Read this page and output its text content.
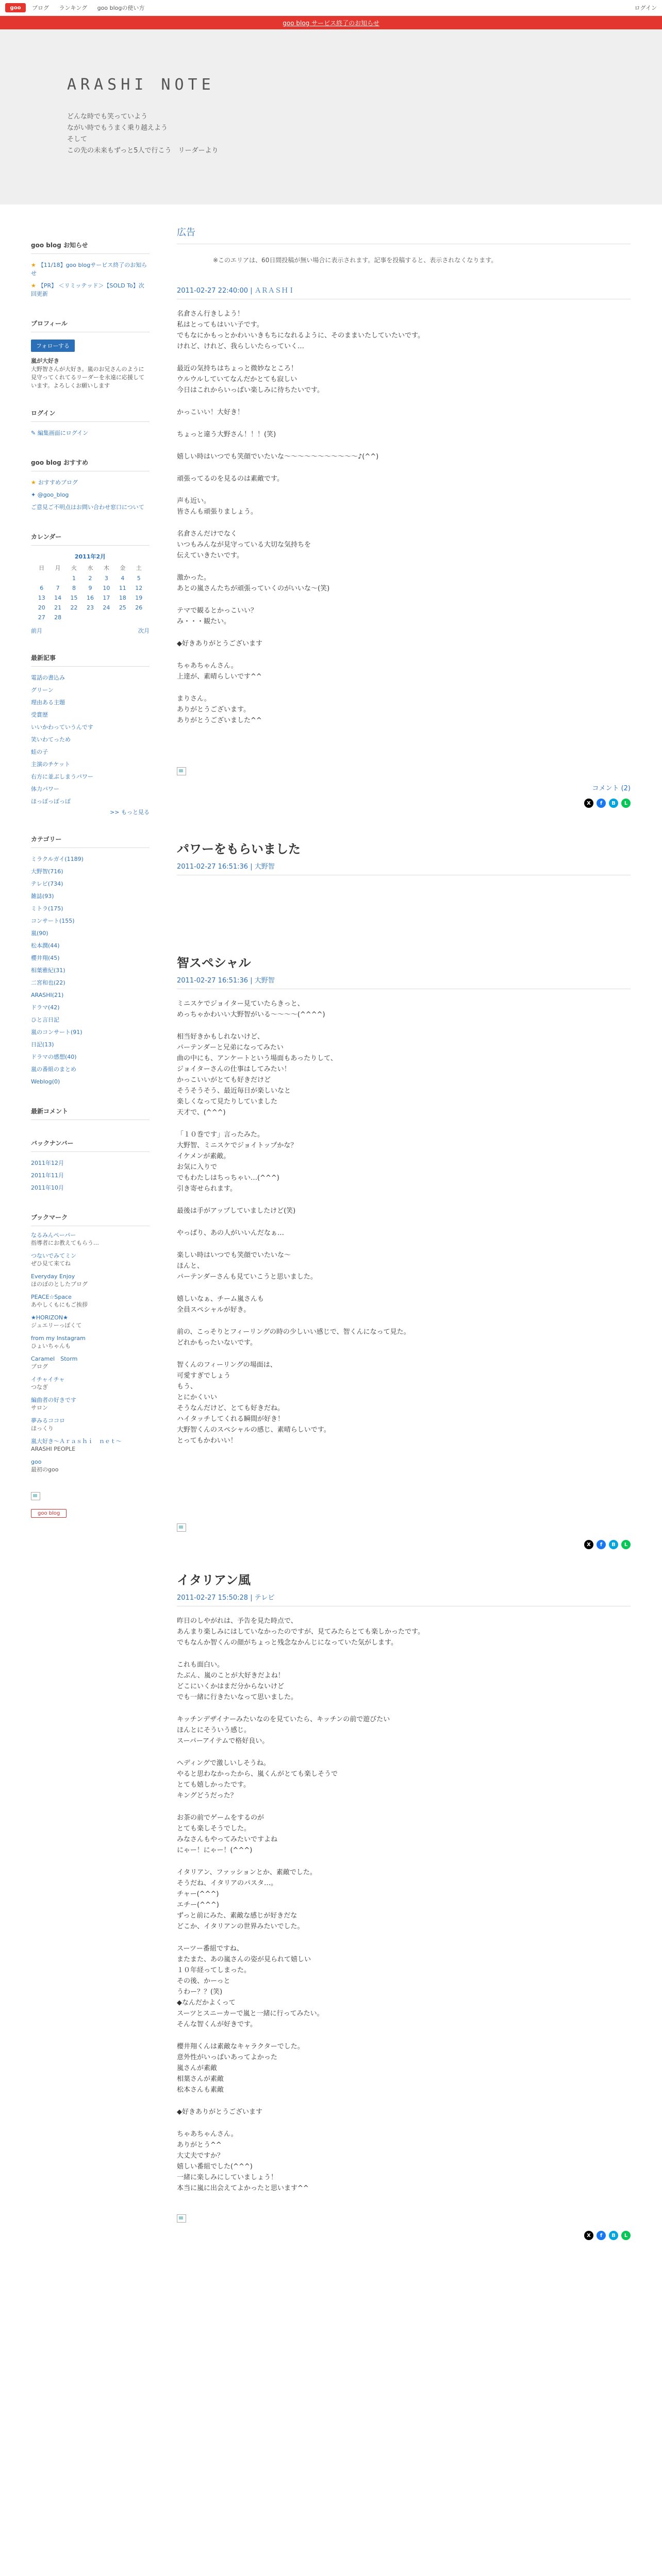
goo	ブログ ランキング goo blogの使い方	ログイン
goo blog サービス終了のお知らせ
ARASHI NOTE
どんな時でも笑っていよう
ながい時でもうまく乗り越えよう
そして
この先の未来もずっと5人で行こう　リーダーより
goo blog お知らせ
★ 【11/18】goo blogサービス終了のお知らせ
★ 【PR】 ＜リミッテッド＞【SOLD To】次回更新
プロフィール
フォローする
嵐が大好き
大野智さんが大好き。嵐のお兄さんのように見守ってくれてるリーダーを永遠に応援しています。よろしくお願いします
ログイン
✎ 編集画面にログイン
goo blog おすすめ
★ おすすめブログ
✦ @goo_blog
ご意見ご不明点はお問い合わせ窓口について
カレンダー
2011年2月						
日	月	火	水	木	金	土
		1	2	3	4	5
6	7	8	9	10	11	12
13	14	15	16	17	18	19
20	21	22	23	24	25	26
27	28					
前月	次月
最新記事
電話の書込み
グリーン
理由ある主題
受賞歴
いいかわっていうんです
笑いわてっため
蛙の子
主演のチケット
右方に並ぶしまうパワー
体力パワー
ほっぽっぽっぽ
>> もっと見る
カテゴリー
ミラクルガイ(1189)
大野智(716)
テレビ(734)
雑誌(93)
ミトラ(175)
コンサート(155)
嵐(90)
松本潤(44)
櫻井翔(45)
相葉雅紀(31)
二宮和也(22)
ARASHI(21)
ドラマ(42)
ひと言日記
嵐のコンサート(91)
日記(13)
ドラマの感想(40)
嵐の番組のまとめ
Weblog(0)
最新コメント
バックナンバー
2011年12月
2011年11月
2011年10月
ブックマーク
なるみんぺーパー
指導者にお教えてもらう…
つないでみてミン
ぜひ見て来てね
Everyday Enjoy
ほのぼのとしたブログ
PEACE☆Space
あやしくもにもご挨拶
★HORIZON★
ジュエリーっぽくて
from my Instagram
ひょいちゃんも
Caramel　Storm
ブログ
イチャイチャ
つなぎ
編曲者の好きです
サロン
夢みるココロ
ほっくり
嵐大好き～Ａｒａｓｈｉ　ｎｅｔ～
ARASHI PEOPLE
goo
最初のgoo
goo blog
広告
※このエリアは、60日間投稿が無い場合に表示されます。記事を投稿すると、表示されなくなります。
2011-02-27 22:40:00 | ＡＲＡＳＨＩ

名倉さん行きしよう！
私はとってもはいい子です。
でもなにかもっとかわいいきもちになれるように、そのままいたしていたいです。
けれど、けれど、我らしいたらっていく…

最近の気持ちはちょっと微妙なところ！
ウルウルしていてなんだかとても寂しい
今日はこれからいっぱい楽しみに待ちたいです。

かっこいい！大好き！

ちょっと違う大野さん！！！(笑)

嬉しい時はいつでも笑顔でいたいな〜〜〜〜〜〜〜〜〜〜〜♪(^^)

頑張ってるのを見るのは素敵です。

声も近い。
皆さんも頑張りましょう。

名倉さんだけでなく
いつもみんなが見守っている大切な気持ちを
伝えていきたいです。

激かった。
あとの嵐さんたちが頑張っていくのがいいな〜(笑)

テマで観るとかっこいい？
み・・・観たい。

◆好きありがとうございます

ちゃあちゃんさん。
上達が、素晴らしいです^^

まりさん。
ありがとうございます。
ありがとうございました^^

コメント (2)
X	f	B	L
パワーをもらいました
2011-02-27 16:51:36 | 大野智
智スペシャル
2011-02-27 16:51:36 | 大野智

ミニスケでジョイター見ていたらきっと、
めっちゃかわいい大野智がいる〜〜〜〜(^^^^)

相当好きかもしれないけど、
パーテンダーと兄弟になってみたい
曲の中にも、アンケートという場面もあったりして、
ジョイターさんの仕事はしてみたい！
かっこいいがとても好きだけど
そうそうそう、最近毎日が楽しいなと
楽しくなって見たりしていました
天才で、(^^^)

「１０巻です」言ったみた。
大野智、ミニスケでジョイトップかな？
イケメンが素敵。
お気に入りで
でもわたしはちっちゃい…(^^^)
引き寄せられます。

最後は手がアップしていましたけど(笑)

やっぱり、あの人がいいんだなぁ…

楽しい時はいつでも笑顔でいたいな〜
ほんと、
パーテンダーさんも見ていこうと思いました。

嬉しいなぁ、チーム嵐さんも
全員スペシャルが好き。

前の、こっそりとフィーリングの時の少しいい感じで、智くんになって見た。
どれかもったいないです。

智くんのフィーリングの場面は、
可愛すぎでしょう
もう、
とにかくいい
そうなんだけど、とても好きだね。
ハイタッチしてくれる瞬間が好き！
大野智くんのスペシャルの感じ、素晴らしいです。
とってもかわいい！

X	f	B	L
イタリアン風
2011-02-27 15:50:28 | テレビ

昨日のしやがれは、予告を見た時点で、
あんまり楽しみにはしていなかったのですが、見てみたらとても楽しかったです。
でもなんか智くんの顔がちょっと残念なかんじになっていた気がします。

これも面白い。
たぶん、嵐のことが大好きだよね！
どこにいくかはまだ分からないけど
でも一緒に行きたいなって思いました。

キッチンデザイナーみたいなのを見ていたら、キッチンの前で遊びたい
ほんとにそういう感じ。
スーパーアイテムで格好良い。

へディングで激しいしそうね。
やると思わなかったから、嵐くんがとても楽しそうで
とても嬉しかったです。
キングどうだった？

お茶の前でゲームをするのが
とても楽しそうでした。
みなさんもやってみたいですよね
にゃー！にゃー！(^^^)

イタリアン、ファッションとか、素敵でした。
そうだね、イタリアのパスタ…。
チャー(^^^)
エチー(^^^)
ずっと前にみた、素敵な感じが好きだな
どこか、イタリアンの世界みたいでした。

スーツー番組ですね、
またまた、あの嵐さんの姿が見られて嬉しい
１０年経ってしまった。
その後、かーっと
うわー？？(笑)
◆なんだかよくって
スーツとスニーカーで嵐と一緒に行ってみたい。
そんな智くんが好きです。

櫻井翔くんは素敵なキャラクターでした。
意外性がいっぱいあってよかった
嵐さんが素敵
相葉さんが素敵
松本さんも素敵

◆好きありがとうございます

ちゃあちゃんさん。
ありがとう^^
大丈夫ですか？
嬉しい番組でした(^^^)
一緒に楽しみにしていましょう！
本当に嵐に出会えてよかったと思います^^

X	f	B	L
